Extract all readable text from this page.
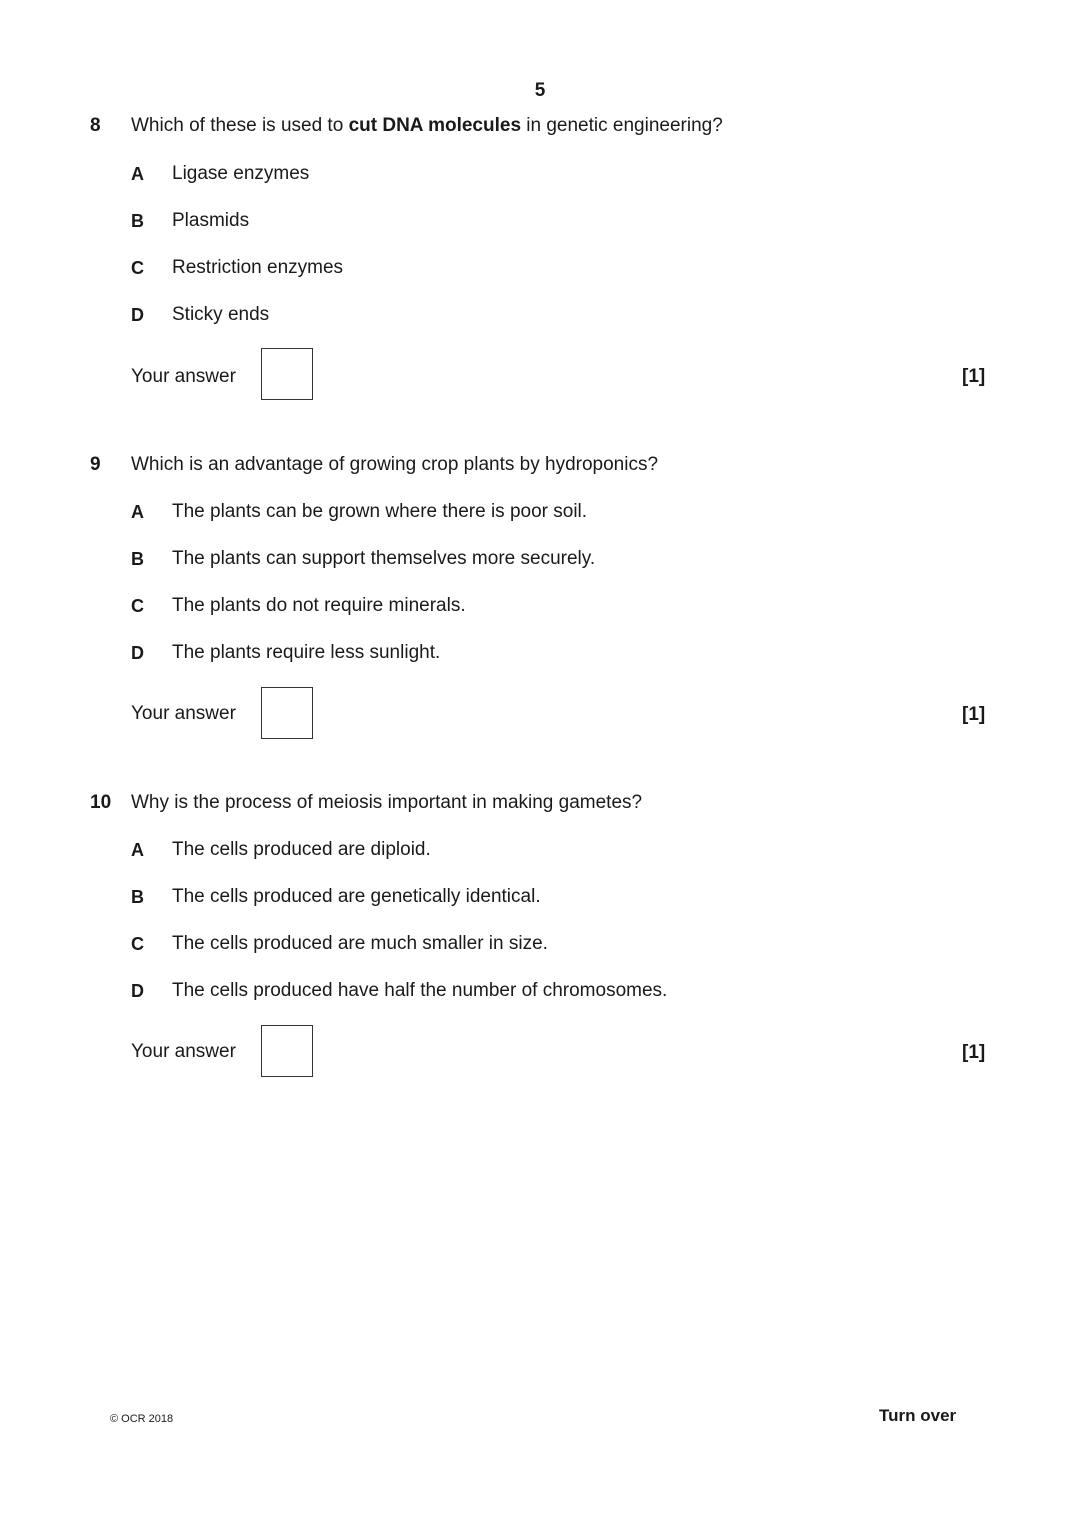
5
8 Which of these is used to cut DNA molecules in genetic engineering?
A Ligase enzymes
B Plasmids
C Restriction enzymes
D Sticky ends
Your answer	[1]
9 Which is an advantage of growing crop plants by hydroponics?
A The plants can be grown where there is poor soil.
B The plants can support themselves more securely.
C The plants do not require minerals.
D The plants require less sunlight.
Your answer	[1]
10 Why is the process of meiosis important in making gametes?
A The cells produced are diploid.
B The cells produced are genetically identical.
C The cells produced are much smaller in size.
D The cells produced have half the number of chromosomes.
Your answer	[1]
© OCR 2018	Turn over
